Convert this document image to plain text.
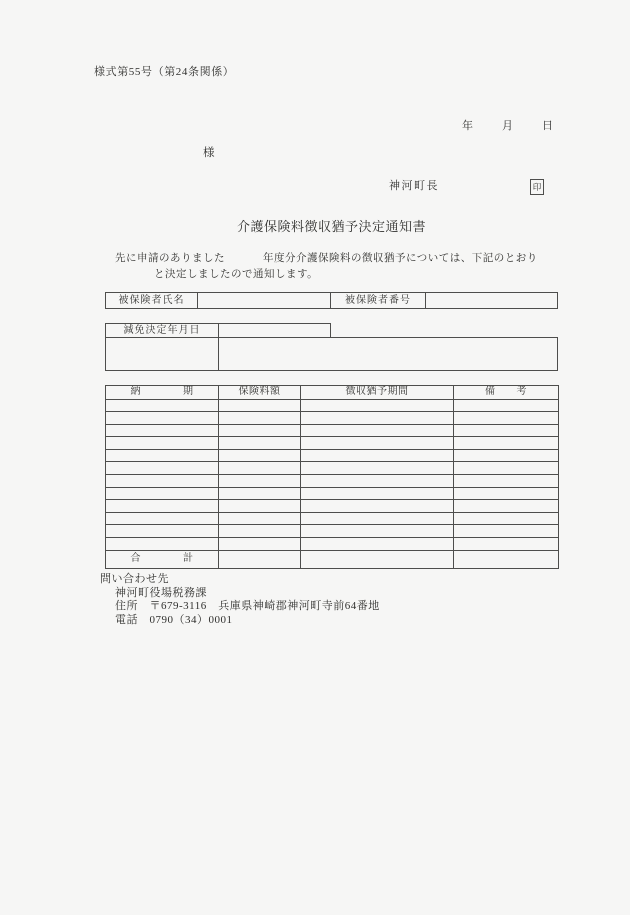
様式第55号（第24条関係）
年	月	日
様
神河町長	印
介護保険料徴収猶予決定通知書
先に申請のありました	年度分介護保険料の徴収猶予については、下記のとおり
と決定しましたので通知します。
被保険者氏名	被保険者番号
減免決定年月日
納　　　　期	保険料額	徴収猶予期間	備　　考

合　　　　計			
問い合わせ先
神河町役場税務課
住所　〒679-3116　兵庫県神崎郡神河町寺前64番地
電話　0790（34）0001
